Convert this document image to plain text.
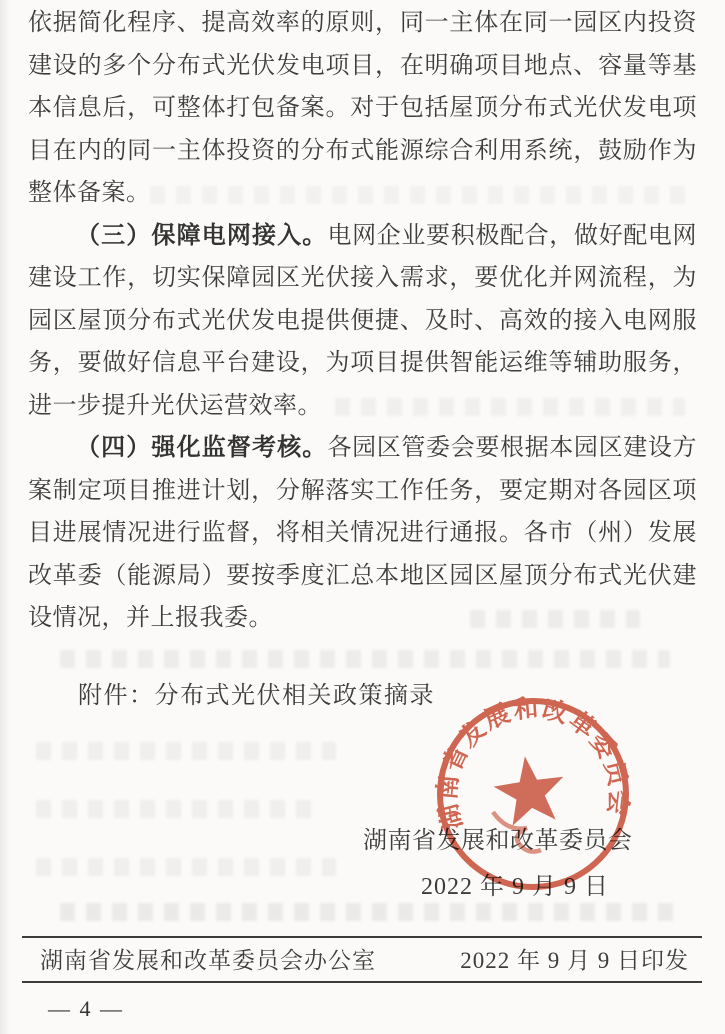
依据简化程序、提高效率的原则，同一主体在同一园区内投资
建设的多个分布式光伏发电项目，在明确项目地点、容量等基
本信息后，可整体打包备案。对于包括屋顶分布式光伏发电项
目在内的同一主体投资的分布式能源综合利用系统，鼓励作为
整体备案。
（三）保障电网接入。电网企业要积极配合，做好配电网
建设工作，切实保障园区光伏接入需求，要优化并网流程，为
园区屋顶分布式光伏发电提供便捷、及时、高效的接入电网服
务，要做好信息平台建设，为项目提供智能运维等辅助服务，
进一步提升光伏运营效率。
（四）强化监督考核。各园区管委会要根据本园区建设方
案制定项目推进计划，分解落实工作任务，要定期对各园区项
目进展情况进行监督，将相关情况进行通报。各市（州）发展
改革委（能源局）要按季度汇总本地区园区屋顶分布式光伏建
设情况，并上报我委。
附件：分布式光伏相关政策摘录
湖南省发展和改革委员会
2022 年 9 月 9 日
湖南省发展和改革委员会
湖南省发展和改革委员会办公室	2022 年 9 月 9 日印发
— 4 —
